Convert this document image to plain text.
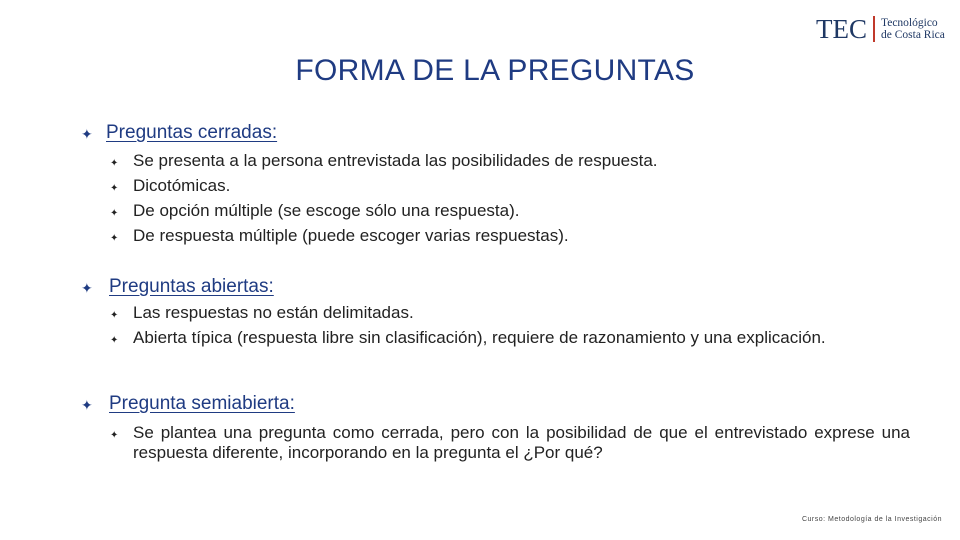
TEC Tecnológico
de Costa Rica
FORMA DE LA PREGUNTAS
✦ Preguntas cerradas:
✦ Se presenta a la persona entrevistada las posibilidades de respuesta.
✦ Dicotómicas.
✦ De opción múltiple (se escoge sólo una respuesta).
✦ De respuesta múltiple (puede escoger varias respuestas).
✦ Preguntas abiertas:
✦ Las respuestas no están delimitadas.
✦ Abierta típica (respuesta libre sin clasificación), requiere de razonamiento y una explicación.
✦ Pregunta semiabierta:
✦ Se plantea una pregunta como cerrada, pero con la posibilidad de que el entrevistado exprese una respuesta diferente, incorporando en la pregunta el ¿Por qué?
Curso: Metodología de la Investigación
